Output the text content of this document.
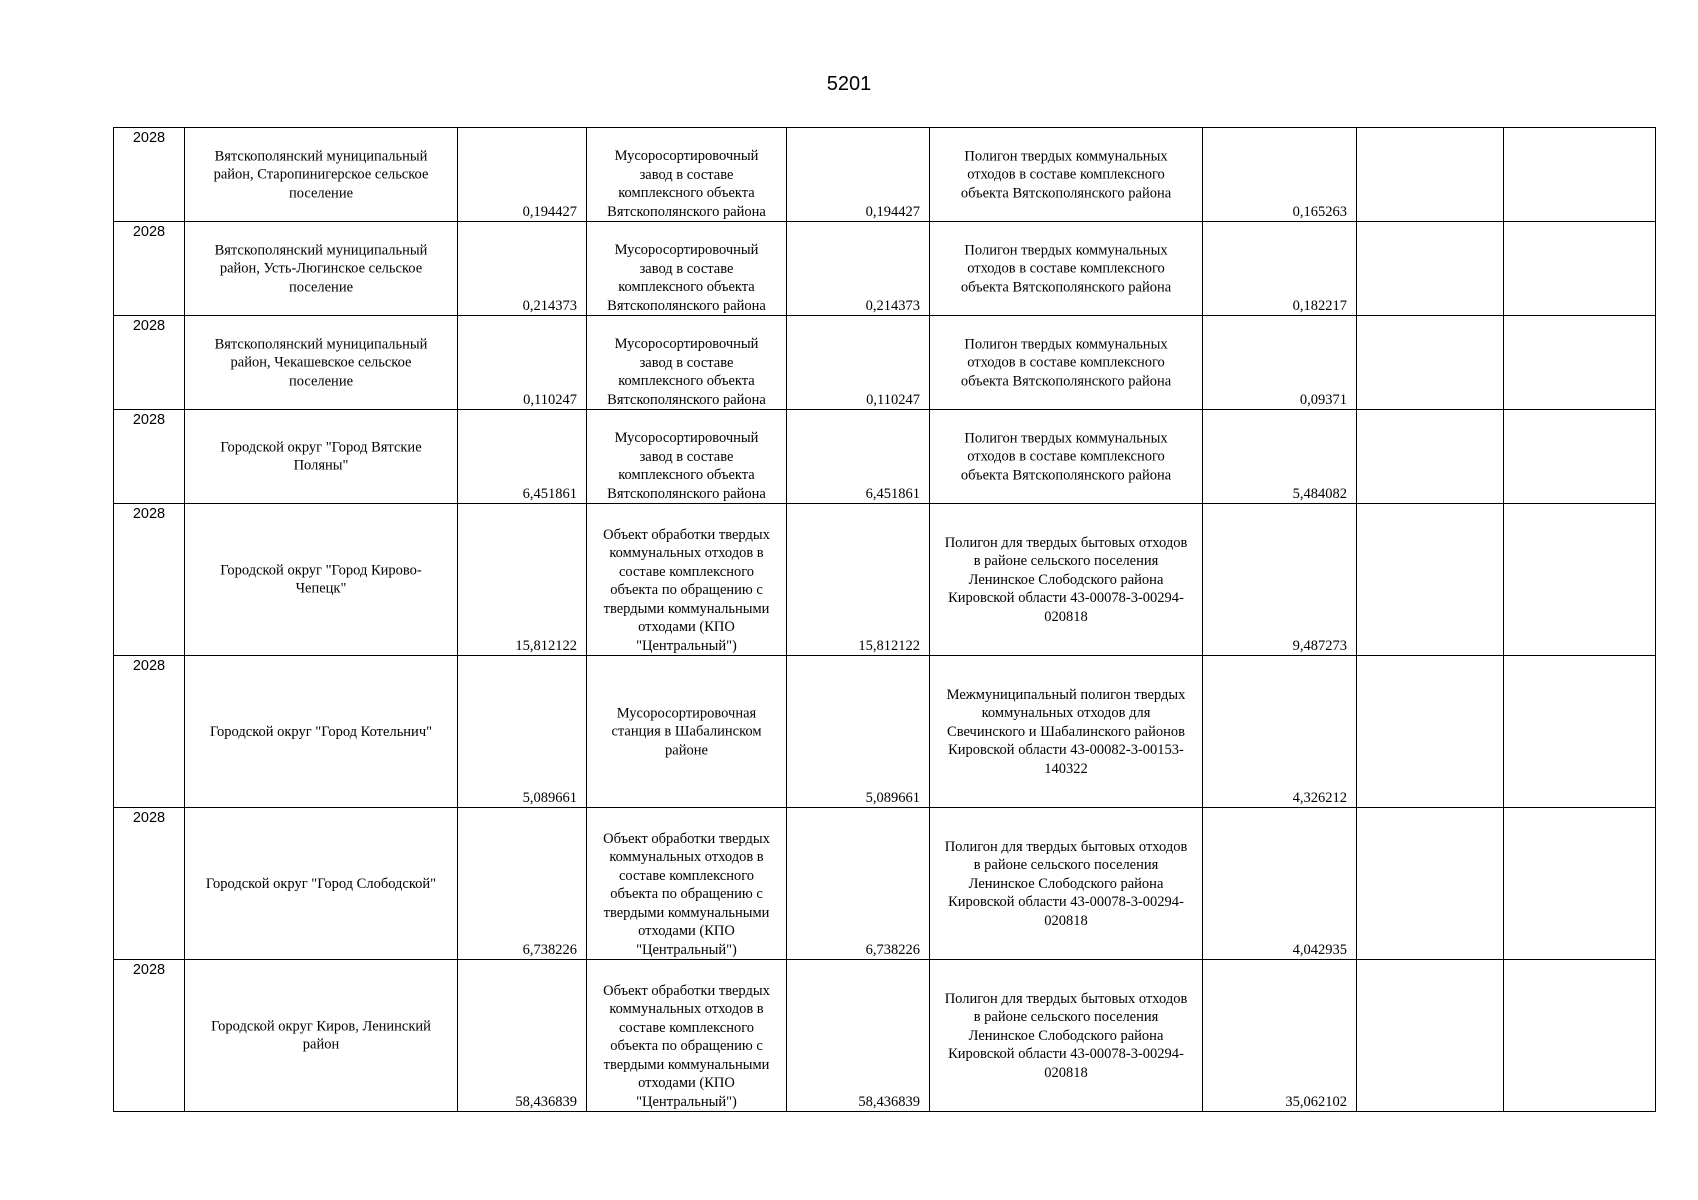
5201
2028	Вятскополянский муниципальный район, Старопинигерское сельское поселение	0,194427	Мусоросортировочный завод в составе комплексного объекта Вятскополянского района	0,194427	Полигон твердых коммунальных отходов в составе комплексного объекта Вятскополянского района	0,165263		

2028	Вятскополянский муниципальный район, Усть-Люгинское сельское поселение	0,214373	Мусоросортировочный завод в составе комплексного объекта Вятскополянского района	0,214373	Полигон твердых коммунальных отходов в составе комплексного объекта Вятскополянского района	0,182217		

2028	Вятскополянский муниципальный район, Чекашевское сельское поселение	0,110247	Мусоросортировочный завод в составе комплексного объекта Вятскополянского района	0,110247	Полигон твердых коммунальных отходов в составе комплексного объекта Вятскополянского района	0,09371		

2028	Городской округ "Город Вятские Поляны"	6,451861	Мусоросортировочный завод в составе комплексного объекта Вятскополянского района	6,451861	Полигон твердых коммунальных отходов в составе комплексного объекта Вятскополянского района	5,484082		

2028	Городской округ "Город Кирово-Чепецк"	15,812122	Объект обработки твердых коммунальных отходов в составе комплексного объекта по обращению с твердыми коммунальными отходами (КПО "Центральный")	15,812122	Полигон для твердых бытовых отходов в районе сельского поселения Ленинское Слободского района Кировской области 43-00078-3-00294-020818	9,487273		

2028	Городской округ "Город Котельнич"	5,089661	Мусоросортировочная станция в Шабалинском районе	5,089661	Межмуниципальный полигон твердых коммунальных отходов для Свечинского и Шабалинского районов Кировской области 43-00082-3-00153-140322	4,326212		

2028	Городской округ "Город Слободской"	6,738226	Объект обработки твердых коммунальных отходов в составе комплексного объекта по обращению с твердыми коммунальными отходами (КПО "Центральный")	6,738226	Полигон для твердых бытовых отходов в районе сельского поселения Ленинское Слободского района Кировской области 43-00078-3-00294-020818	4,042935		

2028	Городской округ Киров, Ленинский район	58,436839	Объект обработки твердых коммунальных отходов в составе комплексного объекта по обращению с твердыми коммунальными отходами (КПО "Центральный")	58,436839	Полигон для твердых бытовых отходов в районе сельского поселения Ленинское Слободского района Кировской области 43-00078-3-00294-020818	35,062102		
